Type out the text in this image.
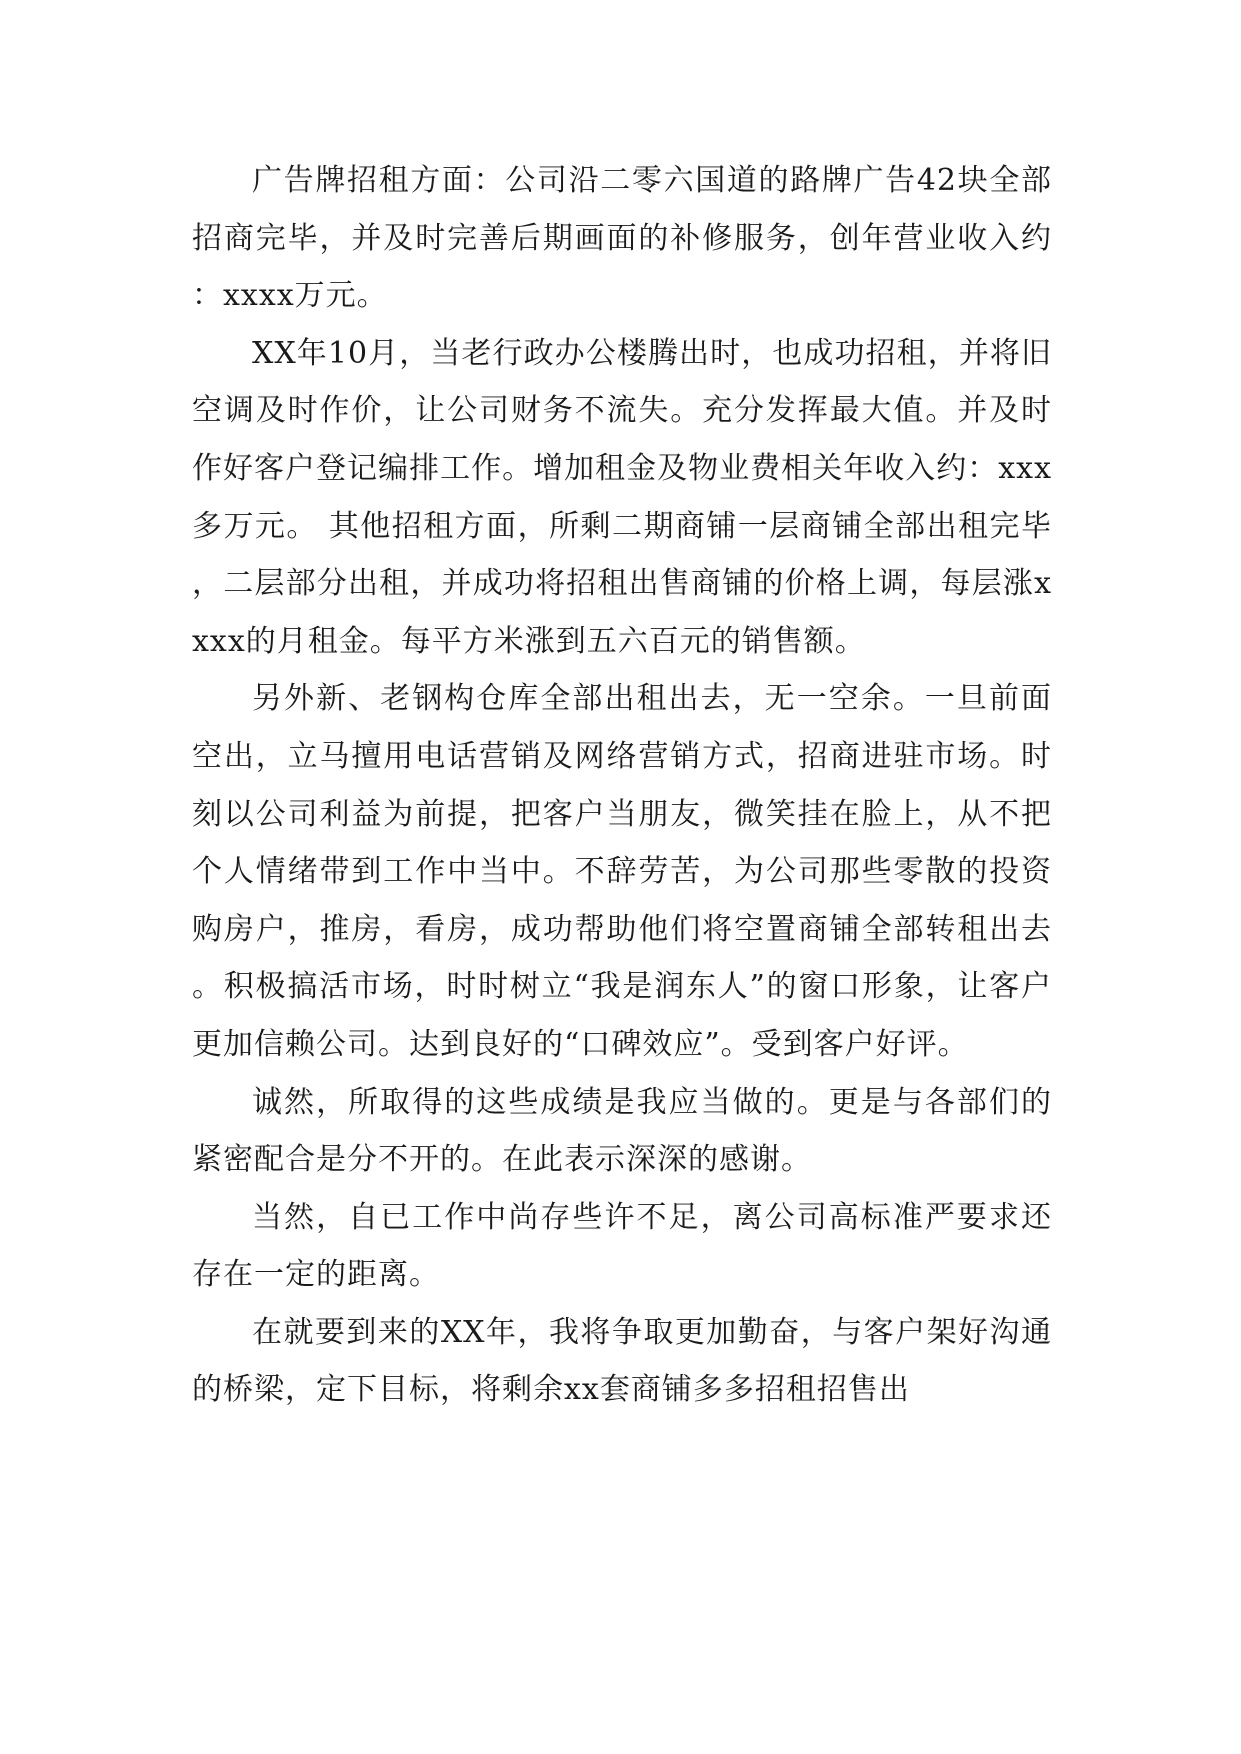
广告牌招租方面：公司沿二零六国道的路牌广告42块全部招商完毕，并及时完善后期画面的补修服务，创年营业收入约：xxxx万元。

XX年10月，当老行政办公楼腾出时，也成功招租，并将旧空调及时作价，让公司财务不流失。充分发挥最大值。并及时作好客户登记编排工作。增加租金及物业费相关年收入约：xxx多万元。 其他招租方面，所剩二期商铺一层商铺全部出租完毕，二层部分出租，并成功将招租出售商铺的价格上调，每层涨xxxx的月租金。每平方米涨到五六百元的销售额。

另外新、老钢构仓库全部出租出去，无一空余。一旦前面空出，立马擅用电话营销及网络营销方式，招商进驻市场。时刻以公司利益为前提，把客户当朋友，微笑挂在脸上，从不把个人情绪带到工作中当中。不辞劳苦，为公司那些零散的投资购房户，推房，看房，成功帮助他们将空置商铺全部转租出去。积极搞活市场，时时树立“我是润东人”的窗口形象，让客户更加信赖公司。达到良好的“口碑效应”。受到客户好评。

诚然，所取得的这些成绩是我应当做的。更是与各部们的紧密配合是分不开的。在此表示深深的感谢。

当然，自已工作中尚存些许不足，离公司高标准严要求还存在一定的距离。

在就要到来的XX年，我将争取更加勤奋，与客户架好沟通的桥梁，定下目标，将剩余xx套商铺多多招租招售出
